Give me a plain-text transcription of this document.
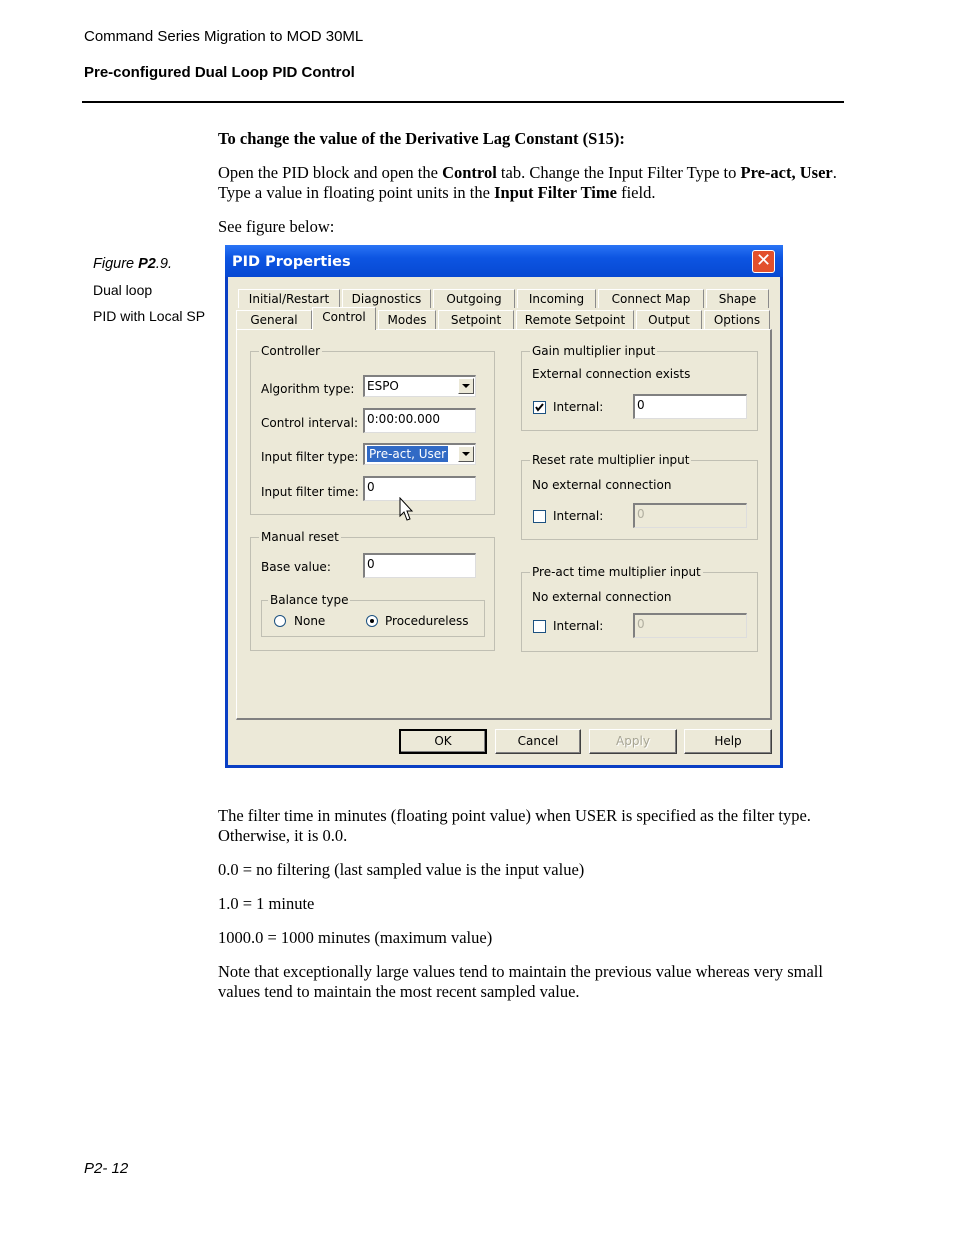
Command Series Migration to MOD 30ML
Pre-configured Dual Loop PID Control
To change the value of the Derivative Lag Constant (S15):
Open the PID block and open the Control tab. Change the Input Filter Type to Pre-act, User. Type a value in floating point units in the Input Filter Time field.
See figure below:
Figure P2.9.
Dual loop
PID with Local SP
PID Properties	✕
Initial/Restart	Diagnostics	Outgoing	Incoming	Connect Map	Shape
General	Control	Modes	Setpoint	Remote Setpoint	Output	Options
Controller
Algorithm type:	ESPO
Control interval: 0:00:00.000
Input filter type: Pre-act, User
Input filter time: 0
Manual reset
Base value:	0
Balance type
None	Procedureless
Gain multiplier input
External connection exists
Internal:	0
Reset rate multiplier input
No external connection
Internal:	0
Pre-act time multiplier input
No external connection
Internal:	0
OK	Cancel	Apply	Help
The filter time in minutes (floating point value) when USER is specified as the filter type. Otherwise, it is 0.0.
0.0 = no filtering (last sampled value is the input value)
1.0 = 1 minute
1000.0 = 1000 minutes (maximum value)
Note that exceptionally large values tend to maintain the previous value whereas very small values tend to maintain the most recent sampled value.
P2- 12
